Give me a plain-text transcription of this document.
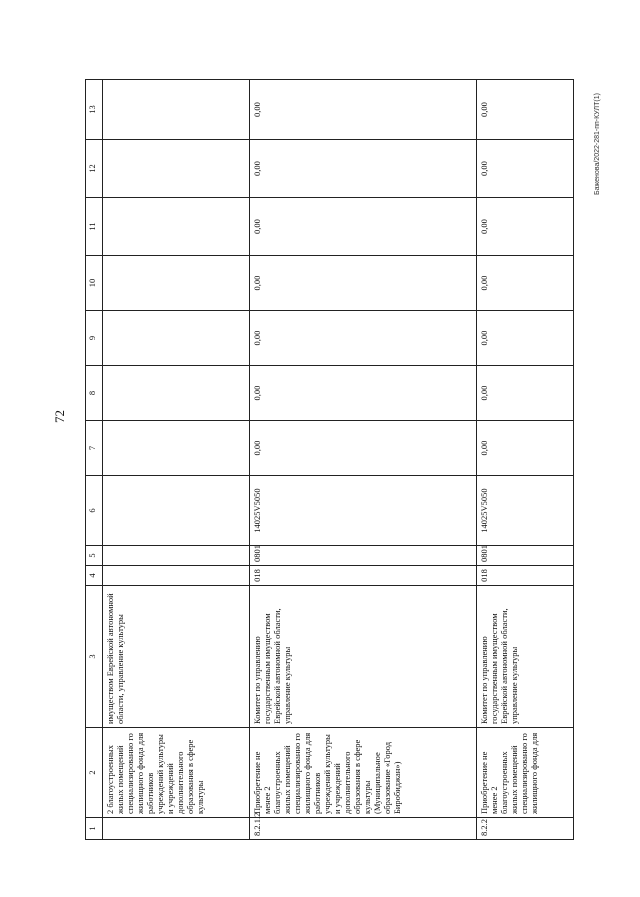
72
Баженова/2022-281-пп-КУЛТ(1)
1	2	3	4	5	6	7	8	9	10	11	12	13
	2 благоустроенных жилых помещений специализированно го жилищного фонда для работников учреждений культуры и учреждений дополнительного образования в сфере культуры	имуществом Еврейской автономной области, управление культуры										
8.2.1.2	Приобретение не менее 2 благоустроенных жилых помещений специализированно го жилищного фонда для работников учреждений культуры и учреждений дополнительного образования в сфере культуры (Муниципальное образование «Город Биробиджан»)	Комитет по управлению государственным имуществом Еврейской автономной области, управление культуры	018	0801	14025V5050	0,00	0,00	0,00	0,00	0,00	0,00	0,00
8.2.2	Приобретение не менее 2 благоустроенных жилых помещений специализированно го жилищного фонда для	Комитет по управлению государственным имуществом Еврейской автономной области, управление культуры	018	0801	14025V5050	0,00	0,00	0,00	0,00	0,00	0,00	0,00
